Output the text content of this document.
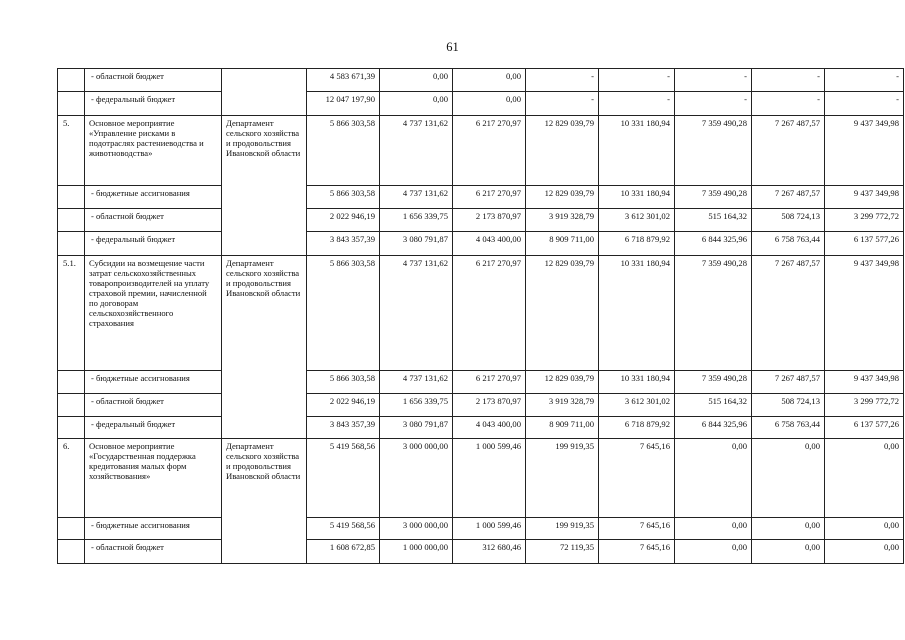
61
	- областной бюджет		4 583 671,39	0,00	0,00	-	-	-	-	-
	- федеральный бюджет		12 047 197,90	0,00	0,00	-	-	-	-	-
5.	Основное мероприятие «Управление рисками в подотраслях растениеводства и животноводства»	Департамент сельского хозяйства и продовольствия Ивановской области	5 866 303,58	4 737 131,62	6 217 270,97	12 829 039,79	10 331 180,94	7 359 490,28	7 267 487,57	9 437 349,98
	- бюджетные ассигнования		5 866 303,58	4 737 131,62	6 217 270,97	12 829 039,79	10 331 180,94	7 359 490,28	7 267 487,57	9 437 349,98
	- областной бюджет		2 022 946,19	1 656 339,75	2 173 870,97	3 919 328,79	3 612 301,02	515 164,32	508 724,13	3 299 772,72
	- федеральный бюджет		3 843 357,39	3 080 791,87	4 043 400,00	8 909 711,00	6 718 879,92	6 844 325,96	6 758 763,44	6 137 577,26
5.1.	Субсидии на возмещение части затрат сельскохозяйственных товаропроизводителей на уплату страховой премии, начисленной по договорам сельскохозяйственного страхования	Департамент сельского хозяйства и продовольствия Ивановской области	5 866 303,58	4 737 131,62	6 217 270,97	12 829 039,79	10 331 180,94	7 359 490,28	7 267 487,57	9 437 349,98
	- бюджетные ассигнования		5 866 303,58	4 737 131,62	6 217 270,97	12 829 039,79	10 331 180,94	7 359 490,28	7 267 487,57	9 437 349,98
	- областной бюджет		2 022 946,19	1 656 339,75	2 173 870,97	3 919 328,79	3 612 301,02	515 164,32	508 724,13	3 299 772,72
	- федеральный бюджет		3 843 357,39	3 080 791,87	4 043 400,00	8 909 711,00	6 718 879,92	6 844 325,96	6 758 763,44	6 137 577,26
6.	Основное мероприятие «Государственная поддержка кредитования малых форм хозяйствования»	Департамент сельского хозяйства и продовольствия Ивановской области	5 419 568,56	3 000 000,00	1 000 599,46	199 919,35	7 645,16	0,00	0,00	0,00
	- бюджетные ассигнования		5 419 568,56	3 000 000,00	1 000 599,46	199 919,35	7 645,16	0,00	0,00	0,00
	- областной бюджет		1 608 672,85	1 000 000,00	312 680,46	72 119,35	7 645,16	0,00	0,00	0,00
